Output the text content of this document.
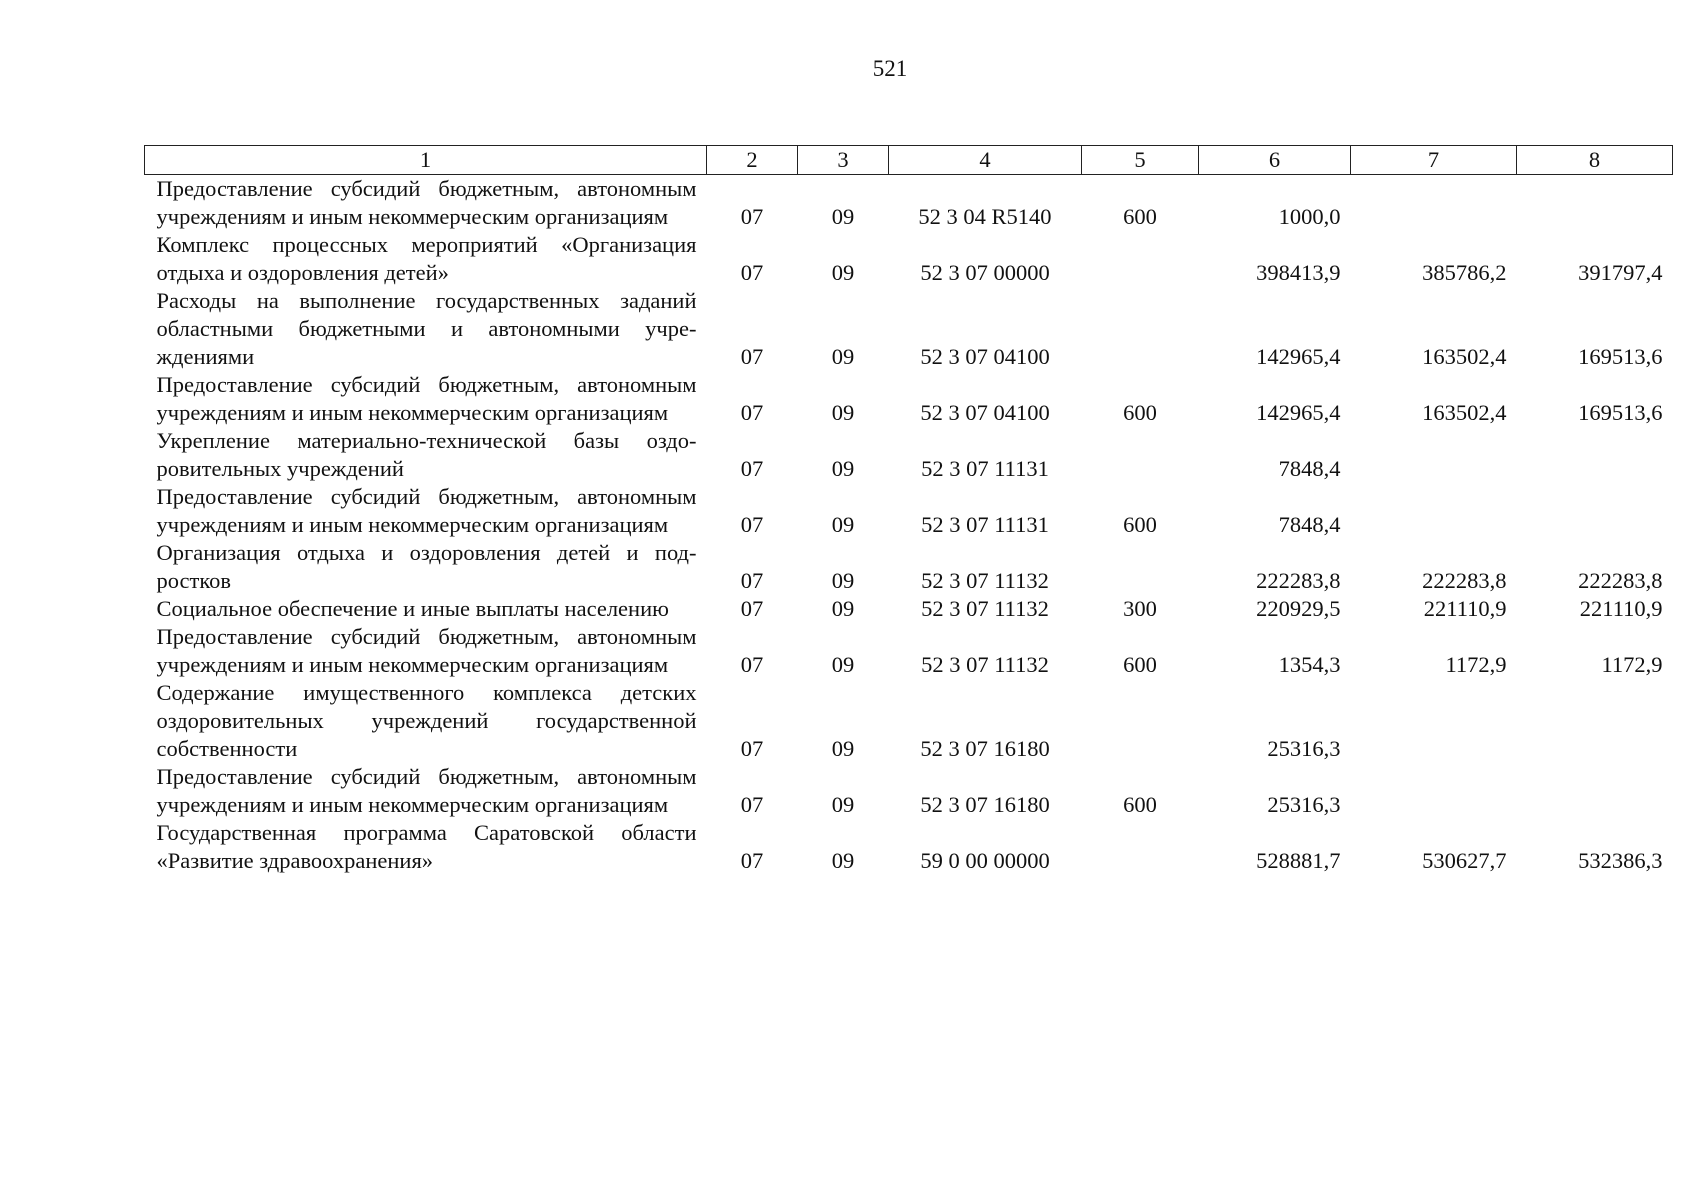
521
1	2	3	4	5	6	7	8
Предоставление субсидий бюджетным, автономным учреждениям и иным некоммерческим организациям	07	09	52 3 04 R5140	600	1000,0		
Комплекс процессных мероприятий «Организация отдыха и оздоровления детей»	07	09	52 3 07 00000		398413,9	385786,2	391797,4
Расходы на выполнение государственных заданий областными бюджетными и автономными учреждениями	07	09	52 3 07 04100		142965,4	163502,4	169513,6
Предоставление субсидий бюджетным, автономным учреждениям и иным некоммерческим организациям	07	09	52 3 07 04100	600	142965,4	163502,4	169513,6
Укрепление материально-технической базы оздоровительных учреждений	07	09	52 3 07 11131		7848,4		
Предоставление субсидий бюджетным, автономным учреждениям и иным некоммерческим организациям	07	09	52 3 07 11131	600	7848,4		
Организация отдыха и оздоровления детей и подростков	07	09	52 3 07 11132		222283,8	222283,8	222283,8
Социальное обеспечение и иные выплаты населению	07	09	52 3 07 11132	300	220929,5	221110,9	221110,9
Предоставление субсидий бюджетным, автономным учреждениям и иным некоммерческим организациям	07	09	52 3 07 11132	600	1354,3	1172,9	1172,9
Содержание имущественного комплекса детских оздоровительных учреждений государственной собственности	07	09	52 3 07 16180		25316,3		
Предоставление субсидий бюджетным, автономным учреждениям и иным некоммерческим организациям	07	09	52 3 07 16180	600	25316,3		
Государственная программа Саратовской области «Развитие здравоохранения»	07	09	59 0 00 00000		528881,7	530627,7	532386,3
